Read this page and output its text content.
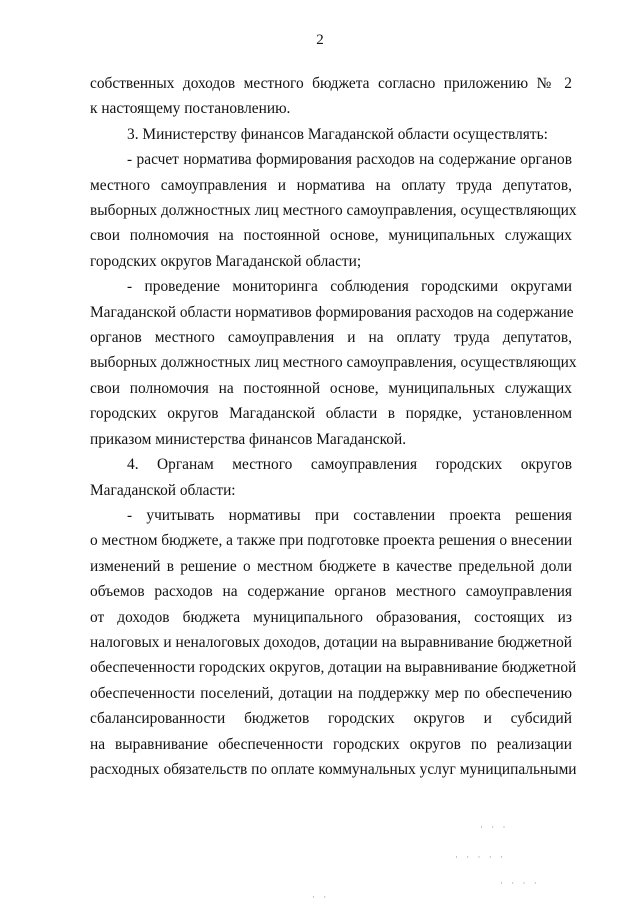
2
собственных доходов местного бюджета согласно приложению № 2
к настоящему постановлению.
3. Министерству финансов Магаданской области осуществлять:
- расчет норматива формирования расходов на содержание органов
местного самоуправления и норматива на оплату труда депутатов,
выборных должностных лиц местного самоуправления, осуществляющих
свои полномочия на постоянной основе, муниципальных служащих
городских округов Магаданской области;
- проведение мониторинга соблюдения городскими округами
Магаданской области нормативов формирования расходов на содержание
органов местного самоуправления и на оплату труда депутатов,
выборных должностных лиц местного самоуправления, осуществляющих
свои полномочия на постоянной основе, муниципальных служащих
городских округов Магаданской области в порядке, установленном
приказом министерства финансов Магаданской.
4. Органам местного самоуправления городских округов
Магаданской области:
- учитывать нормативы при составлении проекта решения
о местном бюджете, а также при подготовке проекта решения о внесении
изменений в решение о местном бюджете в качестве предельной доли
объемов расходов на содержание органов местного самоуправления
от доходов бюджета муниципального образования, состоящих из
налоговых и неналоговых доходов, дотации на выравнивание бюджетной
обеспеченности городских округов, дотации на выравнивание бюджетной
обеспеченности поселений, дотации на поддержку мер по обеспечению
сбалансированности бюджетов городских округов и субсидий
на выравнивание обеспеченности городских округов по реализации
расходных обязательств по оплате коммунальных услуг муниципальными
· · ·
· · · · ·
· · · ·
· ·
